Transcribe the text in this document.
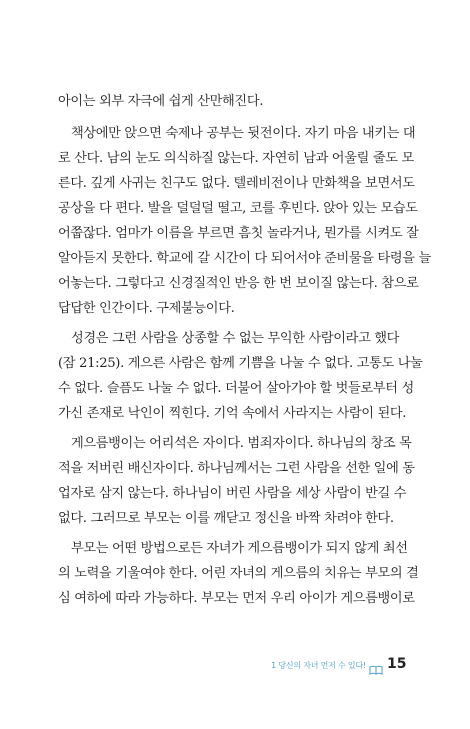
아이는 외부 자극에 쉽게 산만해진다.
책상에만 앉으면 숙제나 공부는 뒷전이다. 자기 마음 내키는 대
로 산다. 남의 눈도 의식하질 않는다. 자연히 남과 어울릴 줄도 모
른다. 깊게 사귀는 친구도 없다. 텔레비전이나 만화책을 보면서도
공상을 다 편다. 발을 덜덜덜 떨고, 코를 후빈다. 앉아 있는 모습도
어쭙잖다. 엄마가 이름을 부르면 흠칫 놀라거나, 뭔가를 시켜도 잘
알아듣지 못한다. 학교에 갈 시간이 다 되어서야 준비물을 타령을 늘
어놓는다. 그렇다고 신경질적인 반응 한 번 보이질 않는다. 참으로
답답한 인간이다. 구제불능이다.
성경은 그런 사람을 상종할 수 없는 무익한 사람이라고 했다
(잠 21:25). 게으른 사람은 함께 기쁨을 나눌 수 없다. 고통도 나눌
수 없다. 슬픔도 나눌 수 없다. 더불어 살아가야 할 벗들로부터 성
가신 존재로 낙인이 찍힌다. 기억 속에서 사라지는 사람이 된다.
게으름뱅이는 어리석은 자이다. 범죄자이다. 하나님의 창조 목
적을 저버린 배신자이다. 하나님께서는 그런 사람을 선한 일에 동
업자로 삼지 않는다. 하나님이 버린 사람을 세상 사람이 반길 수
없다. 그러므로 부모는 이를 깨닫고 정신을 바짝 차려야 한다.
부모는 어떤 방법으로든 자녀가 게으름뱅이가 되지 않게 최선
의 노력을 기울여야 한다. 어린 자녀의 게으름의 치유는 부모의 결
심 여하에 따라 가능하다. 부모는 먼저 우리 아이가 게으름뱅이로
1 당신의 자녀 먼저 수 있다! 15
